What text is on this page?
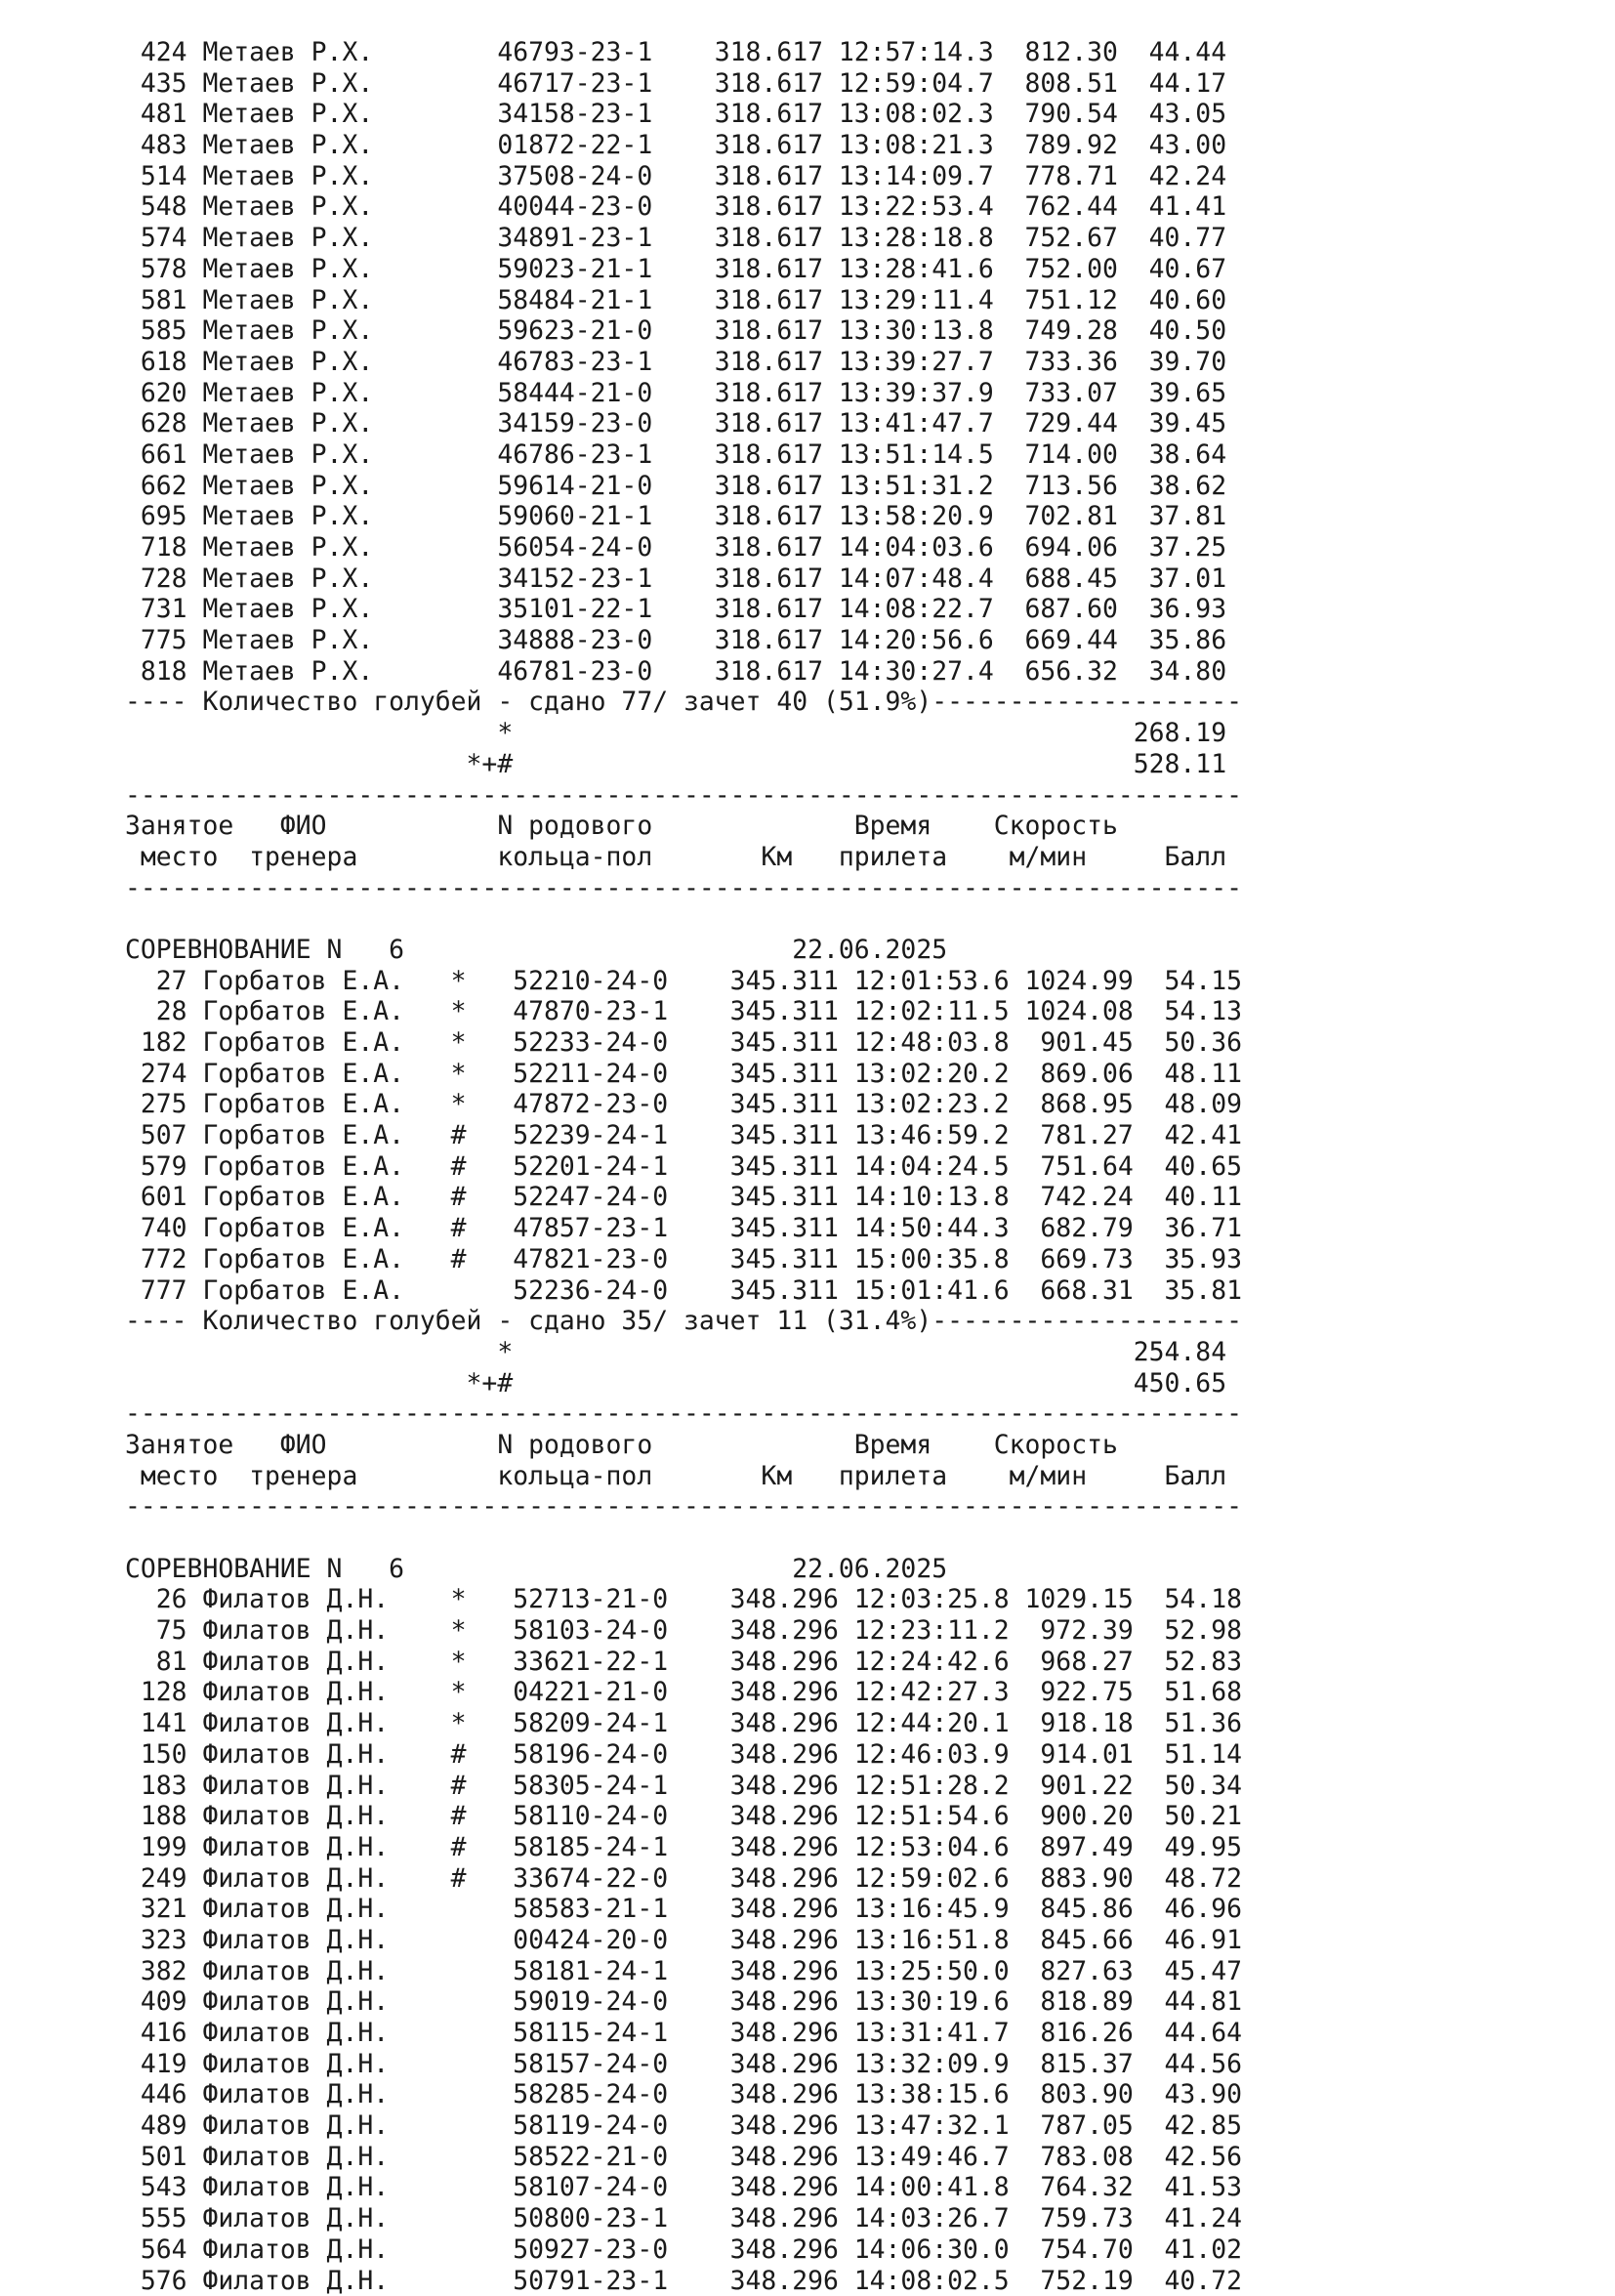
424 Метаев Р.Х.        46793-23-1    318.617 12:57:14.3  812.30  44.44
435 Метаев Р.Х.        46717-23-1    318.617 12:59:04.7  808.51  44.17
481 Метаев Р.Х.        34158-23-1    318.617 13:08:02.3  790.54  43.05
483 Метаев Р.Х.        01872-22-1    318.617 13:08:21.3  789.92  43.00
514 Метаев Р.Х.        37508-24-0    318.617 13:14:09.7  778.71  42.24
548 Метаев Р.Х.        40044-23-0    318.617 13:22:53.4  762.44  41.41
574 Метаев Р.Х.        34891-23-1    318.617 13:28:18.8  752.67  40.77
578 Метаев Р.Х.        59023-21-1    318.617 13:28:41.6  752.00  40.67
581 Метаев Р.Х.        58484-21-1    318.617 13:29:11.4  751.12  40.60
585 Метаев Р.Х.        59623-21-0    318.617 13:30:13.8  749.28  40.50
618 Метаев Р.Х.        46783-23-1    318.617 13:39:27.7  733.36  39.70
620 Метаев Р.Х.        58444-21-0    318.617 13:39:37.9  733.07  39.65
628 Метаев Р.Х.        34159-23-0    318.617 13:41:47.7  729.44  39.45
661 Метаев Р.Х.        46786-23-1    318.617 13:51:14.5  714.00  38.64
662 Метаев Р.Х.        59614-21-0    318.617 13:51:31.2  713.56  38.62
695 Метаев Р.Х.        59060-21-1    318.617 13:58:20.9  702.81  37.81
718 Метаев Р.Х.        56054-24-0    318.617 14:04:03.6  694.06  37.25
728 Метаев Р.Х.        34152-23-1    318.617 14:07:48.4  688.45  37.01
731 Метаев Р.Х.        35101-22-1    318.617 14:08:22.7  687.60  36.93
775 Метаев Р.Х.        34888-23-0    318.617 14:20:56.6  669.44  35.86
818 Метаев Р.Х.        46781-23-0    318.617 14:30:27.4  656.32  34.80
---- Количество голубей - сдано 77/ зачет 40 (51.9%)--------------------
*                                        268.19
*+#                                        528.11
------------------------------------------------------------------------
Занятое   ФИО           N родового             Время    Скорость
место  тренера         кольца-пол       Км   прилета    м/мин     Балл
------------------------------------------------------------------------
СОРЕВНОВАНИЕ N   6                         22.06.2025
27 Горбатов Е.А.   *   52210-24-0    345.311 12:01:53.6 1024.99  54.15
28 Горбатов Е.А.   *   47870-23-1    345.311 12:02:11.5 1024.08  54.13
182 Горбатов Е.А.   *   52233-24-0    345.311 12:48:03.8  901.45  50.36
274 Горбатов Е.А.   *   52211-24-0    345.311 13:02:20.2  869.06  48.11
275 Горбатов Е.А.   *   47872-23-0    345.311 13:02:23.2  868.95  48.09
507 Горбатов Е.А.   #   52239-24-1    345.311 13:46:59.2  781.27  42.41
579 Горбатов Е.А.   #   52201-24-1    345.311 14:04:24.5  751.64  40.65
601 Горбатов Е.А.   #   52247-24-0    345.311 14:10:13.8  742.24  40.11
740 Горбатов Е.А.   #   47857-23-1    345.311 14:50:44.3  682.79  36.71
772 Горбатов Е.А.   #   47821-23-0    345.311 15:00:35.8  669.73  35.93
777 Горбатов Е.А.       52236-24-0    345.311 15:01:41.6  668.31  35.81
---- Количество голубей - сдано 35/ зачет 11 (31.4%)--------------------
*                                        254.84
*+#                                        450.65
------------------------------------------------------------------------
Занятое   ФИО           N родового             Время    Скорость
место  тренера         кольца-пол       Км   прилета    м/мин     Балл
------------------------------------------------------------------------
СОРЕВНОВАНИЕ N   6                         22.06.2025
26 Филатов Д.Н.    *   52713-21-0    348.296 12:03:25.8 1029.15  54.18
75 Филатов Д.Н.    *   58103-24-0    348.296 12:23:11.2  972.39  52.98
81 Филатов Д.Н.    *   33621-22-1    348.296 12:24:42.6  968.27  52.83
128 Филатов Д.Н.    *   04221-21-0    348.296 12:42:27.3  922.75  51.68
141 Филатов Д.Н.    *   58209-24-1    348.296 12:44:20.1  918.18  51.36
150 Филатов Д.Н.    #   58196-24-0    348.296 12:46:03.9  914.01  51.14
183 Филатов Д.Н.    #   58305-24-1    348.296 12:51:28.2  901.22  50.34
188 Филатов Д.Н.    #   58110-24-0    348.296 12:51:54.6  900.20  50.21
199 Филатов Д.Н.    #   58185-24-1    348.296 12:53:04.6  897.49  49.95
249 Филатов Д.Н.    #   33674-22-0    348.296 12:59:02.6  883.90  48.72
321 Филатов Д.Н.        58583-21-1    348.296 13:16:45.9  845.86  46.96
323 Филатов Д.Н.        00424-20-0    348.296 13:16:51.8  845.66  46.91
382 Филатов Д.Н.        58181-24-1    348.296 13:25:50.0  827.63  45.47
409 Филатов Д.Н.        59019-24-0    348.296 13:30:19.6  818.89  44.81
416 Филатов Д.Н.        58115-24-1    348.296 13:31:41.7  816.26  44.64
419 Филатов Д.Н.        58157-24-0    348.296 13:32:09.9  815.37  44.56
446 Филатов Д.Н.        58285-24-0    348.296 13:38:15.6  803.90  43.90
489 Филатов Д.Н.        58119-24-0    348.296 13:47:32.1  787.05  42.85
501 Филатов Д.Н.        58522-21-0    348.296 13:49:46.7  783.08  42.56
543 Филатов Д.Н.        58107-24-0    348.296 14:00:41.8  764.32  41.53
555 Филатов Д.Н.        50800-23-1    348.296 14:03:26.7  759.73  41.24
564 Филатов Д.Н.        50927-23-0    348.296 14:06:30.0  754.70  41.02
576 Филатов Д.Н.        50791-23-1    348.296 14:08:02.5  752.19  40.72
